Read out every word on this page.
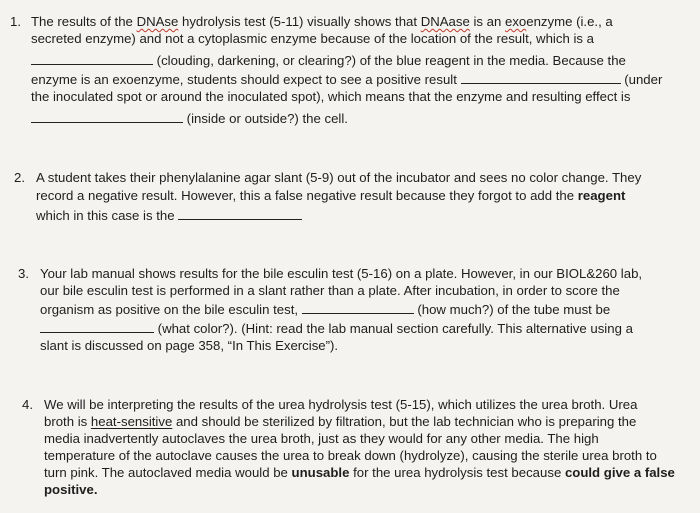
1. The results of the DNAse hydrolysis test (5-11) visually shows that DNAase is an exoenzyme (i.e., a
secreted enzyme) and not a cytoplasmic enzyme because of the location of the result, which is a
(clouding, darkening, or clearing?) of the blue reagent in the media. Because the
enzyme is an exoenzyme, students should expect to see a positive result	(under
the inoculated spot or around the inoculated spot), which means that the enzyme and resulting effect is
(inside or outside?) the cell.
2. A student takes their phenylalanine agar slant (5-9) out of the incubator and sees no color change. They
record a negative result. However, this a false negative result because they forgot to add the reagent
which in this case is the
3. Your lab manual shows results for the bile esculin test (5-16) on a plate. However, in our BIOL&260 lab,
our bile esculin test is performed in a slant rather than a plate. After incubation, in order to score the
organism as positive on the bile esculin test,	(how much?) of the tube must be
(what color?). (Hint: read the lab manual section carefully. This alternative using a
slant is discussed on page 358, “In This Exercise”).
4. We will be interpreting the results of the urea hydrolysis test (5-15), which utilizes the urea broth. Urea
broth is heat-sensitive and should be sterilized by filtration, but the lab technician who is preparing the
media inadvertently autoclaves the urea broth, just as they would for any other media. The high
temperature of the autoclave causes the urea to break down (hydrolyze), causing the sterile urea broth to
turn pink. The autoclaved media would be unusable for the urea hydrolysis test because could give a false
positive.
